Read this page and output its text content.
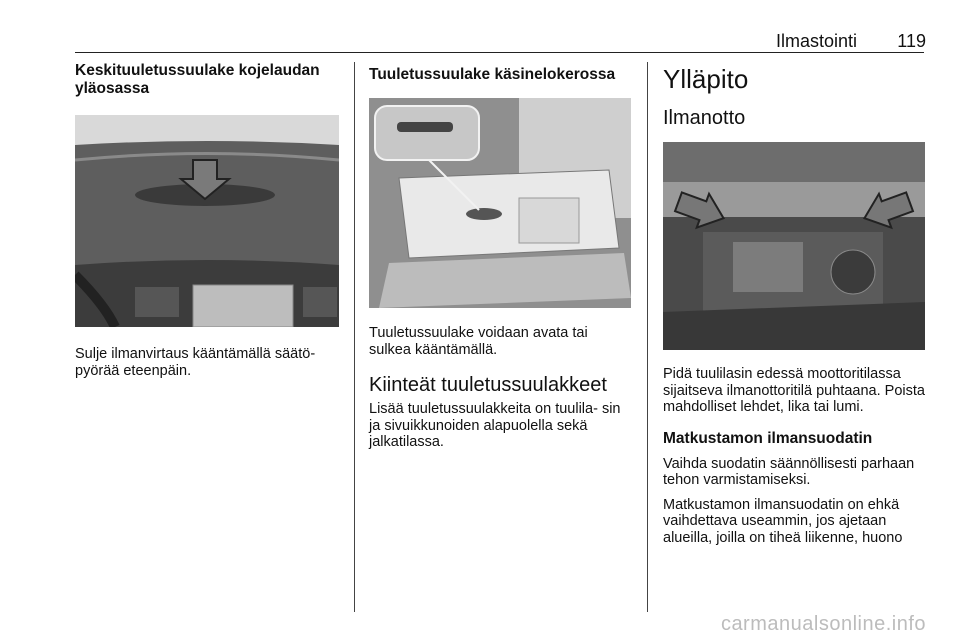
Ilmastointi 119
Keskituuletussuulake kojelaudan yläosassa

Sulje ilmanvirtaus kääntämällä säätö- pyörää eteenpäin.

Tuuletussuulake käsinelokerossa

Tuuletussuulake voidaan avata tai sulkea kääntämällä.

Kiinteät tuuletussuulakkeet

Lisää tuuletussuulakkeita on tuulila- sin ja sivuikkunoiden alapuolella sekä jalkatilassa.

Ylläpito
Ilmanotto

Pidä tuulilasin edessä moottoritilassa sijaitseva ilmanottoritilä puhtaana. Poista mahdolliset lehdet, lika tai lumi.

Matkustamon ilmansuodatin

Vaihda suodatin säännöllisesti parhaan tehon varmistamiseksi.

Matkustamon ilmansuodatin on ehkä vaihdettava useammin, jos ajetaan alueilla, joilla on tiheä liikenne, huono

carmanualsonline.info
